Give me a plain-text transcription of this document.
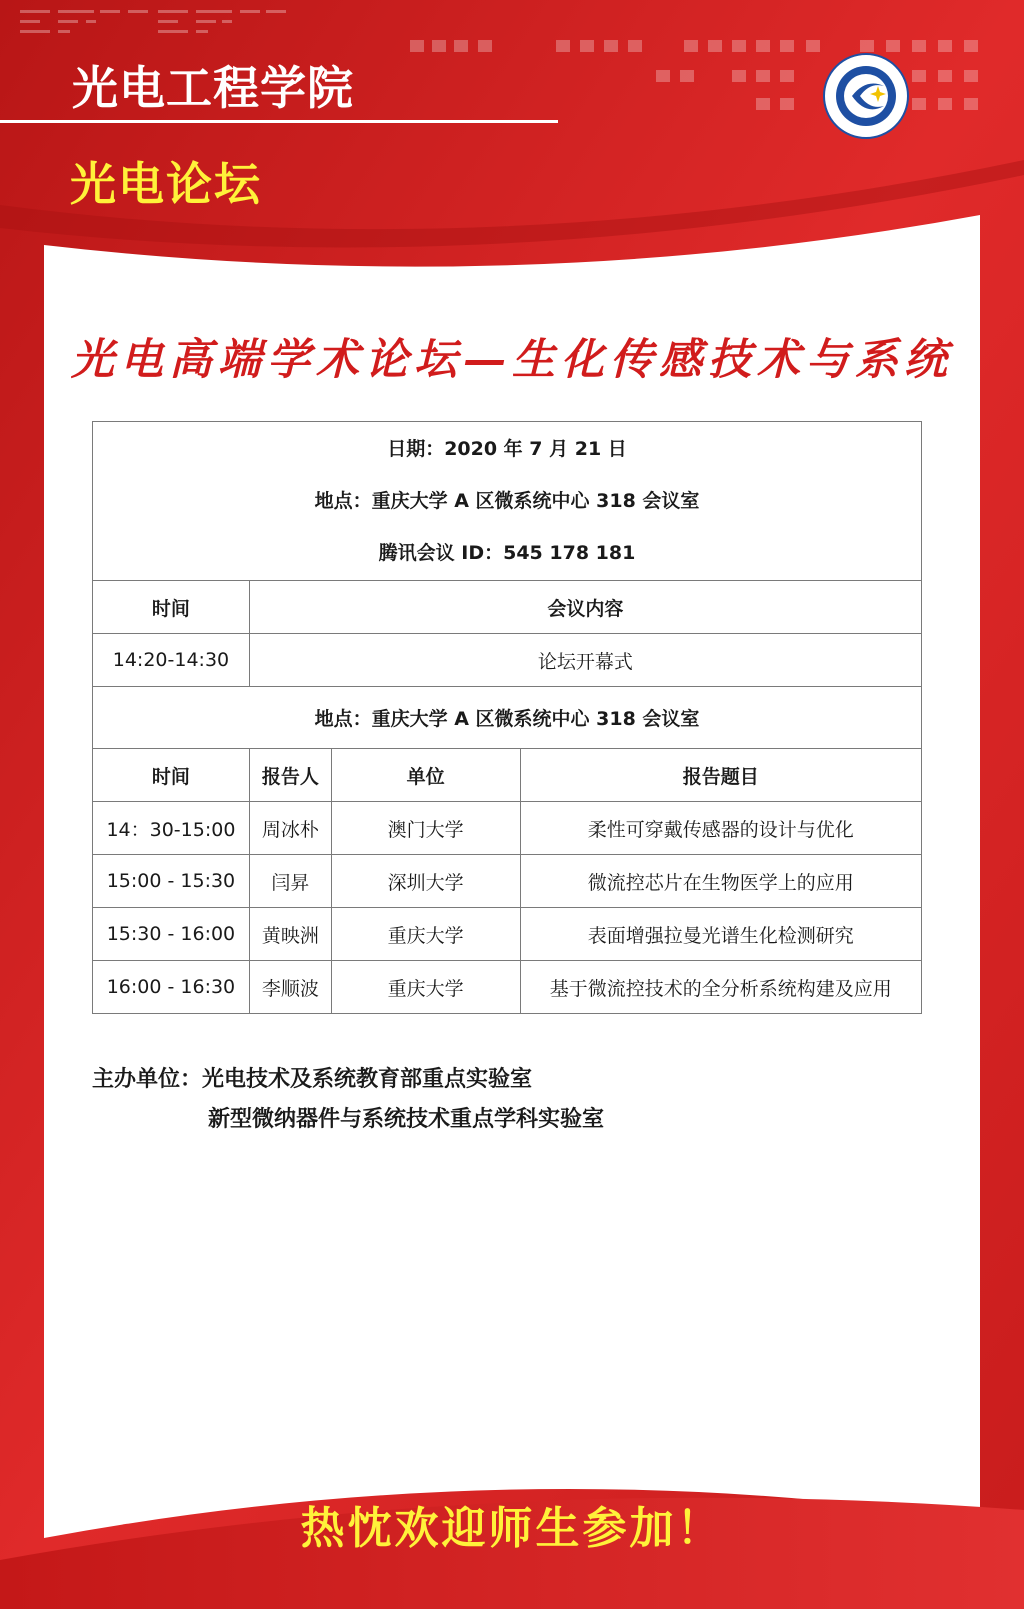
光电工程学院
光电论坛
光电高端学术论坛—生化传感技术与系统
日期：2020 年 7 月 21 日
地点：重庆大学 A 区微系统中心 318 会议室
腾讯会议 ID：545 178 181			

时间	会议内容		
14:20-14:30	论坛开幕式		
地点：重庆大学 A 区微系统中心 318 会议室			
时间	报告人	单位	报告题目
14：30-15:00	周冰朴	澳门大学	柔性可穿戴传感器的设计与优化
15:00 - 15:30	闫昇	深圳大学	微流控芯片在生物医学上的应用
15:30 - 16:00	黄映洲	重庆大学	表面增强拉曼光谱生化检测研究
16:00 - 16:30	李顺波	重庆大学	基于微流控技术的全分析系统构建及应用
主办单位：光电技术及系统教育部重点实验室
新型微纳器件与系统技术重点学科实验室
热忱欢迎师生参加！
